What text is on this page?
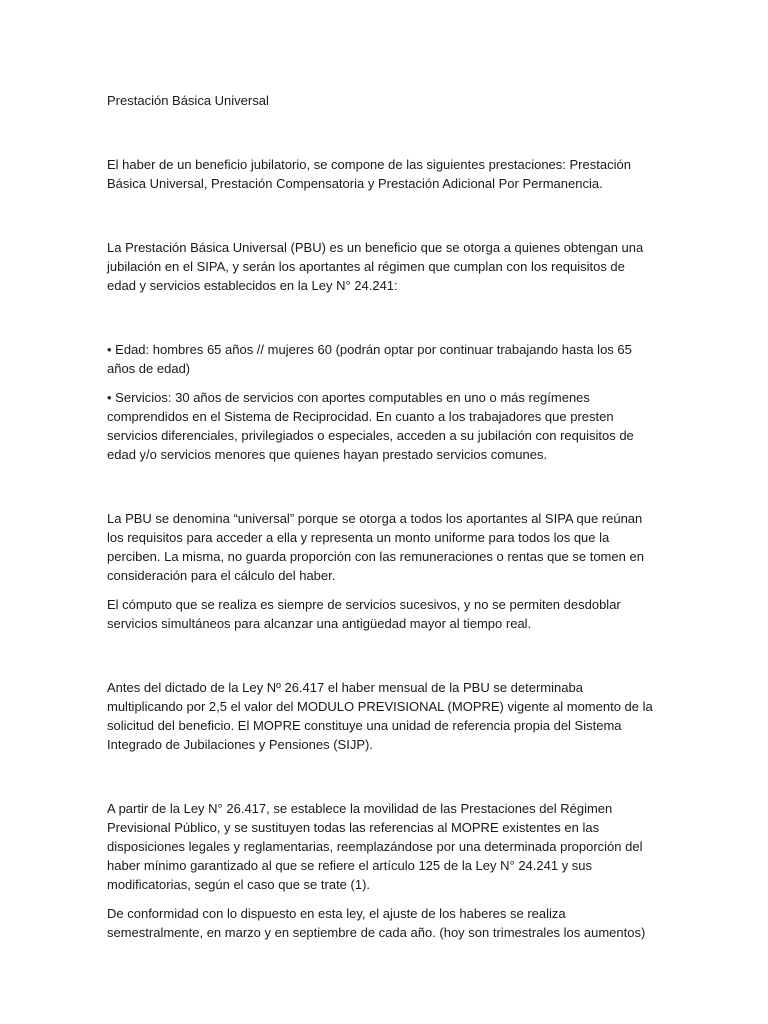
Prestación Básica Universal

El haber de un beneficio jubilatorio, se compone de las siguientes prestaciones: Prestación Básica Universal, Prestación Compensatoria y Prestación Adicional Por Permanencia.

La Prestación Básica Universal (PBU) es un beneficio que se otorga a quienes obtengan una jubilación en el SIPA, y serán los aportantes al régimen que cumplan con los requisitos de edad y servicios establecidos en la Ley N° 24.241:

• Edad: hombres 65 años // mujeres 60 (podrán optar por continuar trabajando hasta los 65 años de edad)

• Servicios: 30 años de servicios con aportes computables en uno o más regímenes comprendidos en el Sistema de Reciprocidad. En cuanto a los trabajadores que presten servicios diferenciales, privilegiados o especiales, acceden a su jubilación con requisitos de edad y/o servicios menores que quienes hayan prestado servicios comunes.

La PBU se denomina “universal” porque se otorga a todos los aportantes al SIPA que reúnan los requisitos para acceder a ella y representa un monto uniforme para todos los que la perciben. La misma, no guarda proporción con las remuneraciones o rentas que se tomen en consideración para el cálculo del haber.

El cómputo que se realiza es siempre de servicios sucesivos, y no se permiten desdoblar servicios simultáneos para alcanzar una antigüedad mayor al tiempo real.

Antes del dictado de la Ley Nº 26.417 el haber mensual de la PBU se determinaba multiplicando por 2,5 el valor del MODULO PREVISIONAL (MOPRE) vigente al momento de la solicitud del beneficio. El MOPRE constituye una unidad de referencia propia del Sistema Integrado de Jubilaciones y Pensiones (SIJP).

A partir de la Ley N° 26.417, se establece la movilidad de las Prestaciones del Régimen Previsional Público, y se sustituyen todas las referencias al MOPRE existentes en las disposiciones legales y reglamentarias, reemplazándose por una determinada proporción del haber mínimo garantizado al que se refiere el artículo 125 de la Ley N° 24.241 y sus modificatorias, según el caso que se trate (1).

De conformidad con lo dispuesto en esta ley, el ajuste de los haberes se realiza semestralmente, en marzo y en septiembre de cada año. (hoy son trimestrales los aumentos)
